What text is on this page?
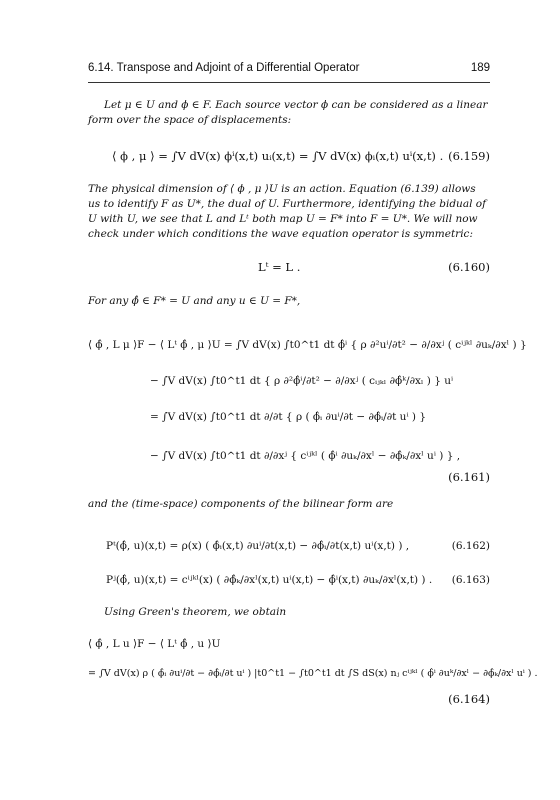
6.14. Transpose and Adjoint of a Differential Operator	189
Let μ ∈ U and ϕ ∈ F. Each source vector ϕ can be considered as a linear form over the space of displacements:
⟨ ϕ , μ ⟩ = ∫V dV(x) ϕⁱ(x,t) uᵢ(x,t) = ∫V dV(x) ϕᵢ(x,t) uⁱ(x,t) . (6.159)
The physical dimension of ⟨ ϕ , μ ⟩U is an action. Equation (6.139) allows us to identify F as U*, the dual of U. Furthermore, identifying the bidual of U with U, we see that L and Lᵗ both map U = F* into F = U*. We will now check under which conditions the wave equation operator is symmetric:
Lᵗ = L .	(6.160)
For any ϕ̂ ∈ F* = U and any u ∈ U = F*,
⟨ ϕ̂ , L μ ⟩F − ⟨ Lᵗ ϕ̂ , μ ⟩U = ∫V dV(x) ∫t0^t1 dt ϕ̂ⁱ { ρ ∂²uⁱ/∂t² − ∂/∂xʲ ( cⁱʲᵏˡ ∂uₖ/∂xˡ ) }
− ∫V dV(x) ∫t0^t1 dt { ρ ∂²ϕ̂ⁱ/∂t² − ∂/∂xʲ ( cᵢⱼₖₗ ∂ϕ̂ᵏ/∂xₗ ) } uⁱ
= ∫V dV(x) ∫t0^t1 dt ∂/∂t { ρ ( ϕ̂ᵢ ∂uⁱ/∂t − ∂ϕ̂ᵢ/∂t uⁱ ) }
− ∫V dV(x) ∫t0^t1 dt ∂/∂xʲ { cⁱʲᵏˡ ( ϕ̂ⁱ ∂uₖ/∂xˡ − ∂ϕ̂ₖ/∂xˡ uⁱ ) } ,
(6.161)
and the (time-space) components of the bilinear form are
Pᵗ(ϕ̂, u)(x,t) = ρ(x) ( ϕ̂ᵢ(x,t) ∂uⁱ/∂t(x,t) − ∂ϕ̂ᵢ/∂t(x,t) uⁱ(x,t) ) ,	(6.162)
Pʲ(ϕ̂, u)(x,t) = cⁱʲᵏˡ(x) ( ∂ϕ̂ₖ/∂xˡ(x,t) uⁱ(x,t) − ϕ̂ⁱ(x,t) ∂uₖ/∂xˡ(x,t) ) . (6.163)
Using Green's theorem, we obtain
⟨ ϕ̂ , L u ⟩F − ⟨ Lᵗ ϕ̂ , u ⟩U
= ∫V dV(x) ρ ( ϕ̂ᵢ ∂uⁱ/∂t − ∂ϕ̂ᵢ/∂t uⁱ ) |t0^t1 − ∫t0^t1 dt ∫S dS(x) nⱼ cⁱʲᵏˡ ( ϕ̂ⁱ ∂uᵏ/∂xˡ − ∂ϕ̂ₖ/∂xˡ uⁱ ) .
(6.164)
